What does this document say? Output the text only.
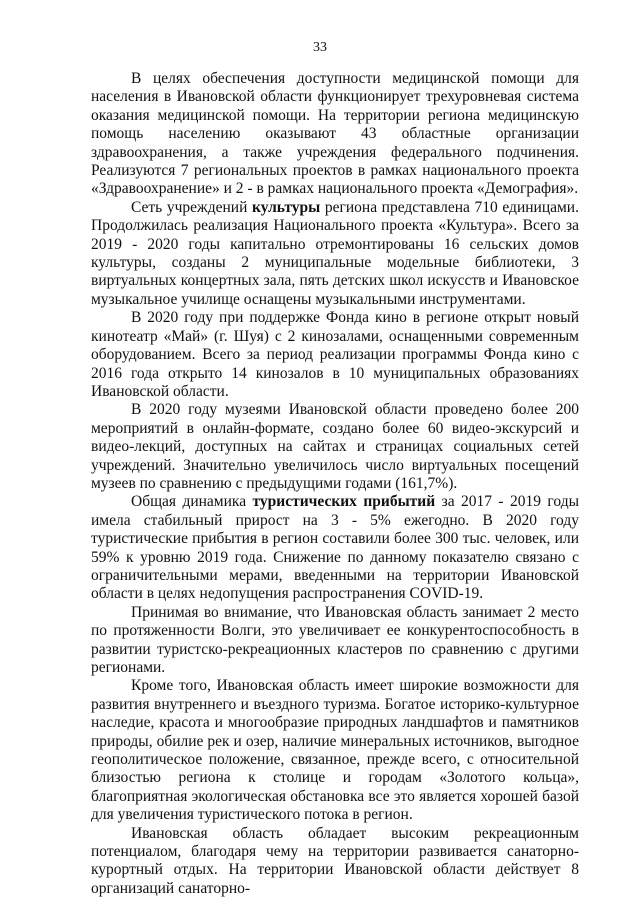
33

В целях обеспечения доступности медицинской помощи для населения в Ивановской области функционирует трехуровневая система оказания медицинской помощи. На территории региона медицинскую помощь населению оказывают 43 областные организации здравоохранения, а также учреждения федерального подчинения. Реализуются 7 региональных проектов в рамках национального проекта «Здравоохранение» и 2 - в рамках национального проекта «Демография».

Сеть учреждений культуры региона представлена 710 единицами. Продолжилась реализация Национального проекта «Культура». Всего за 2019 - 2020 годы капитально отремонтированы 16 сельских домов культуры, созданы 2 муниципальные модельные библиотеки, 3 виртуальных концертных зала, пять детских школ искусств и Ивановское музыкальное училище оснащены музыкальными инструментами.

В 2020 году при поддержке Фонда кино в регионе открыт новый кинотеатр «Май» (г. Шуя) с 2 кинозалами, оснащенными современным оборудованием. Всего за период реализации программы Фонда кино с 2016 года открыто 14 кинозалов в 10 муниципальных образованиях Ивановской области.

В 2020 году музеями Ивановской области проведено более 200 мероприятий в онлайн-формате, создано более 60 видео-экскурсий и видео-лекций, доступных на сайтах и страницах социальных сетей учреждений. Значительно увеличилось число виртуальных посещений музеев по сравнению с предыдущими годами (161,7%).

Общая динамика туристических прибытий за 2017 - 2019 годы имела стабильный прирост на 3 - 5% ежегодно. В 2020 году туристические прибытия в регион составили более 300 тыс. человек, или 59% к уровню 2019 года. Снижение по данному показателю связано с ограничительными мерами, введенными на территории Ивановской области в целях недопущения распространения COVID-19.

Принимая во внимание, что Ивановская область занимает 2 место по протяженности Волги, это увеличивает ее конкурентоспособность в развитии туристско-рекреационных кластеров по сравнению с другими регионами.

Кроме того, Ивановская область имеет широкие возможности для развития внутреннего и въездного туризма. Богатое историко-культурное наследие, красота и многообразие природных ландшафтов и памятников природы, обилие рек и озер, наличие минеральных источников, выгодное геополитическое положение, связанное, прежде всего, с относительной близостью региона к столице и городам «Золотого кольца», благоприятная экологическая обстановка все это является хорошей базой для увеличения туристического потока в регион.

Ивановская область обладает высоким рекреационным потенциалом, благодаря чему на территории развивается санаторно-курортный отдых. На территории Ивановской области действует 8 организаций санаторно-
